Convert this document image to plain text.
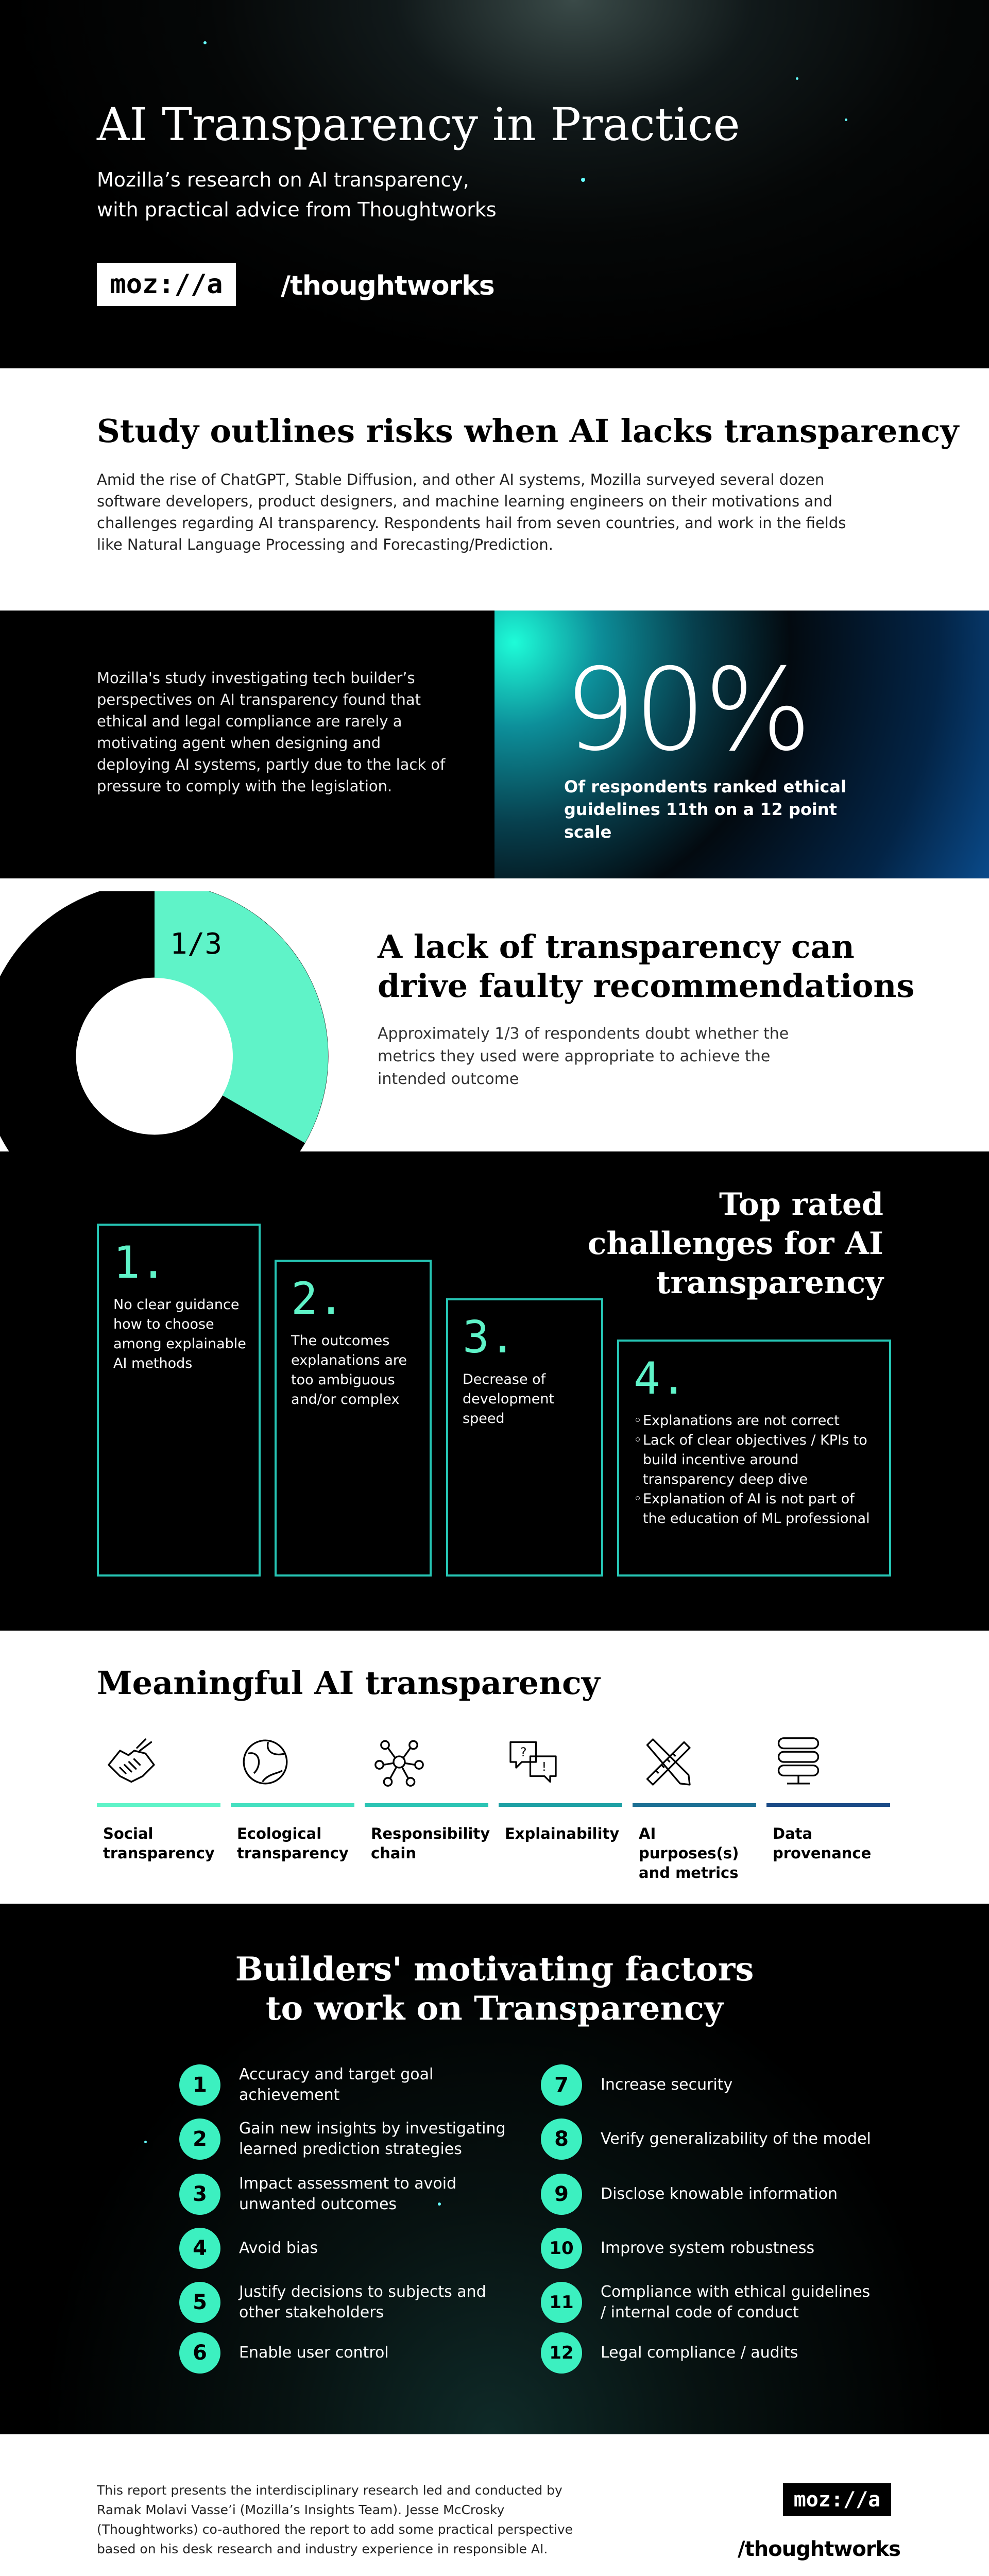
AI Transparency in Practice
Mozilla’s research on AI transparency,
with practical advice from Thoughtworks
moz://a	/thoughtworks
Study outlines risks when AI lacks transparency

Amid the rise of ChatGPT, Stable Diffusion, and other AI systems, Mozilla surveyed several dozen software developers, product designers, and machine learning engineers on their motivations and challenges regarding AI transparency. Respondents hail from seven countries, and work in the fields like Natural Language Processing and Forecasting/Prediction.

Mozilla's study investigating tech builder’s perspectives on AI transparency found that ethical and legal compliance are rarely a motivating agent when designing and deploying AI systems, partly due to the lack of pressure to comply with the legislation.

90%
Of respondents ranked ethical guidelines 11th on a 12 point scale
1/3	A lack of transparency can
drive faulty recommendations

Approximately 1/3 of respondents doubt whether the metrics they used were appropriate to achieve the intended outcome

Top rated
challenges for AI
transparency
1.
No clear guidance how to choose among explainable AI methods
2.
The outcomes explanations are too ambiguous and/or complex
3.
Decrease of development speed
4.
◦ Explanations are not correct
◦ Lack of clear objectives / KPIs to build incentive around transparency deep dive
◦ Explanation of AI is not part of the education of ML professional
Meaningful AI transparency
?
!
Social transparency
Ecological transparency
Responsibility chain
Explainability	AI purposes(s) and metrics
Data provenance
Builders' motivating factors
to work on Transparency
1	Accuracy and target goal achievement
2	Gain new insights by investigating learned prediction strategies
3	Impact assessment to avoid unwanted outcomes
4	Avoid bias
5	Justify decisions to subjects and other stakeholders
6	Enable user control
7	Increase security
8	Verify generalizability of the model
9	Disclose knowable information
10	Improve system robustness
11
Compliance with ethical guidelines / internal code of conduct
12	Legal compliance / audits

This report presents the interdisciplinary research led and conducted by Ramak Molavi Vasse’i (Mozilla’s Insights Team). Jesse McCrosky (Thoughtworks) co-authored the report to add some practical perspective based on his desk research and industry experience in responsible AI.

moz://a
/thoughtworks
